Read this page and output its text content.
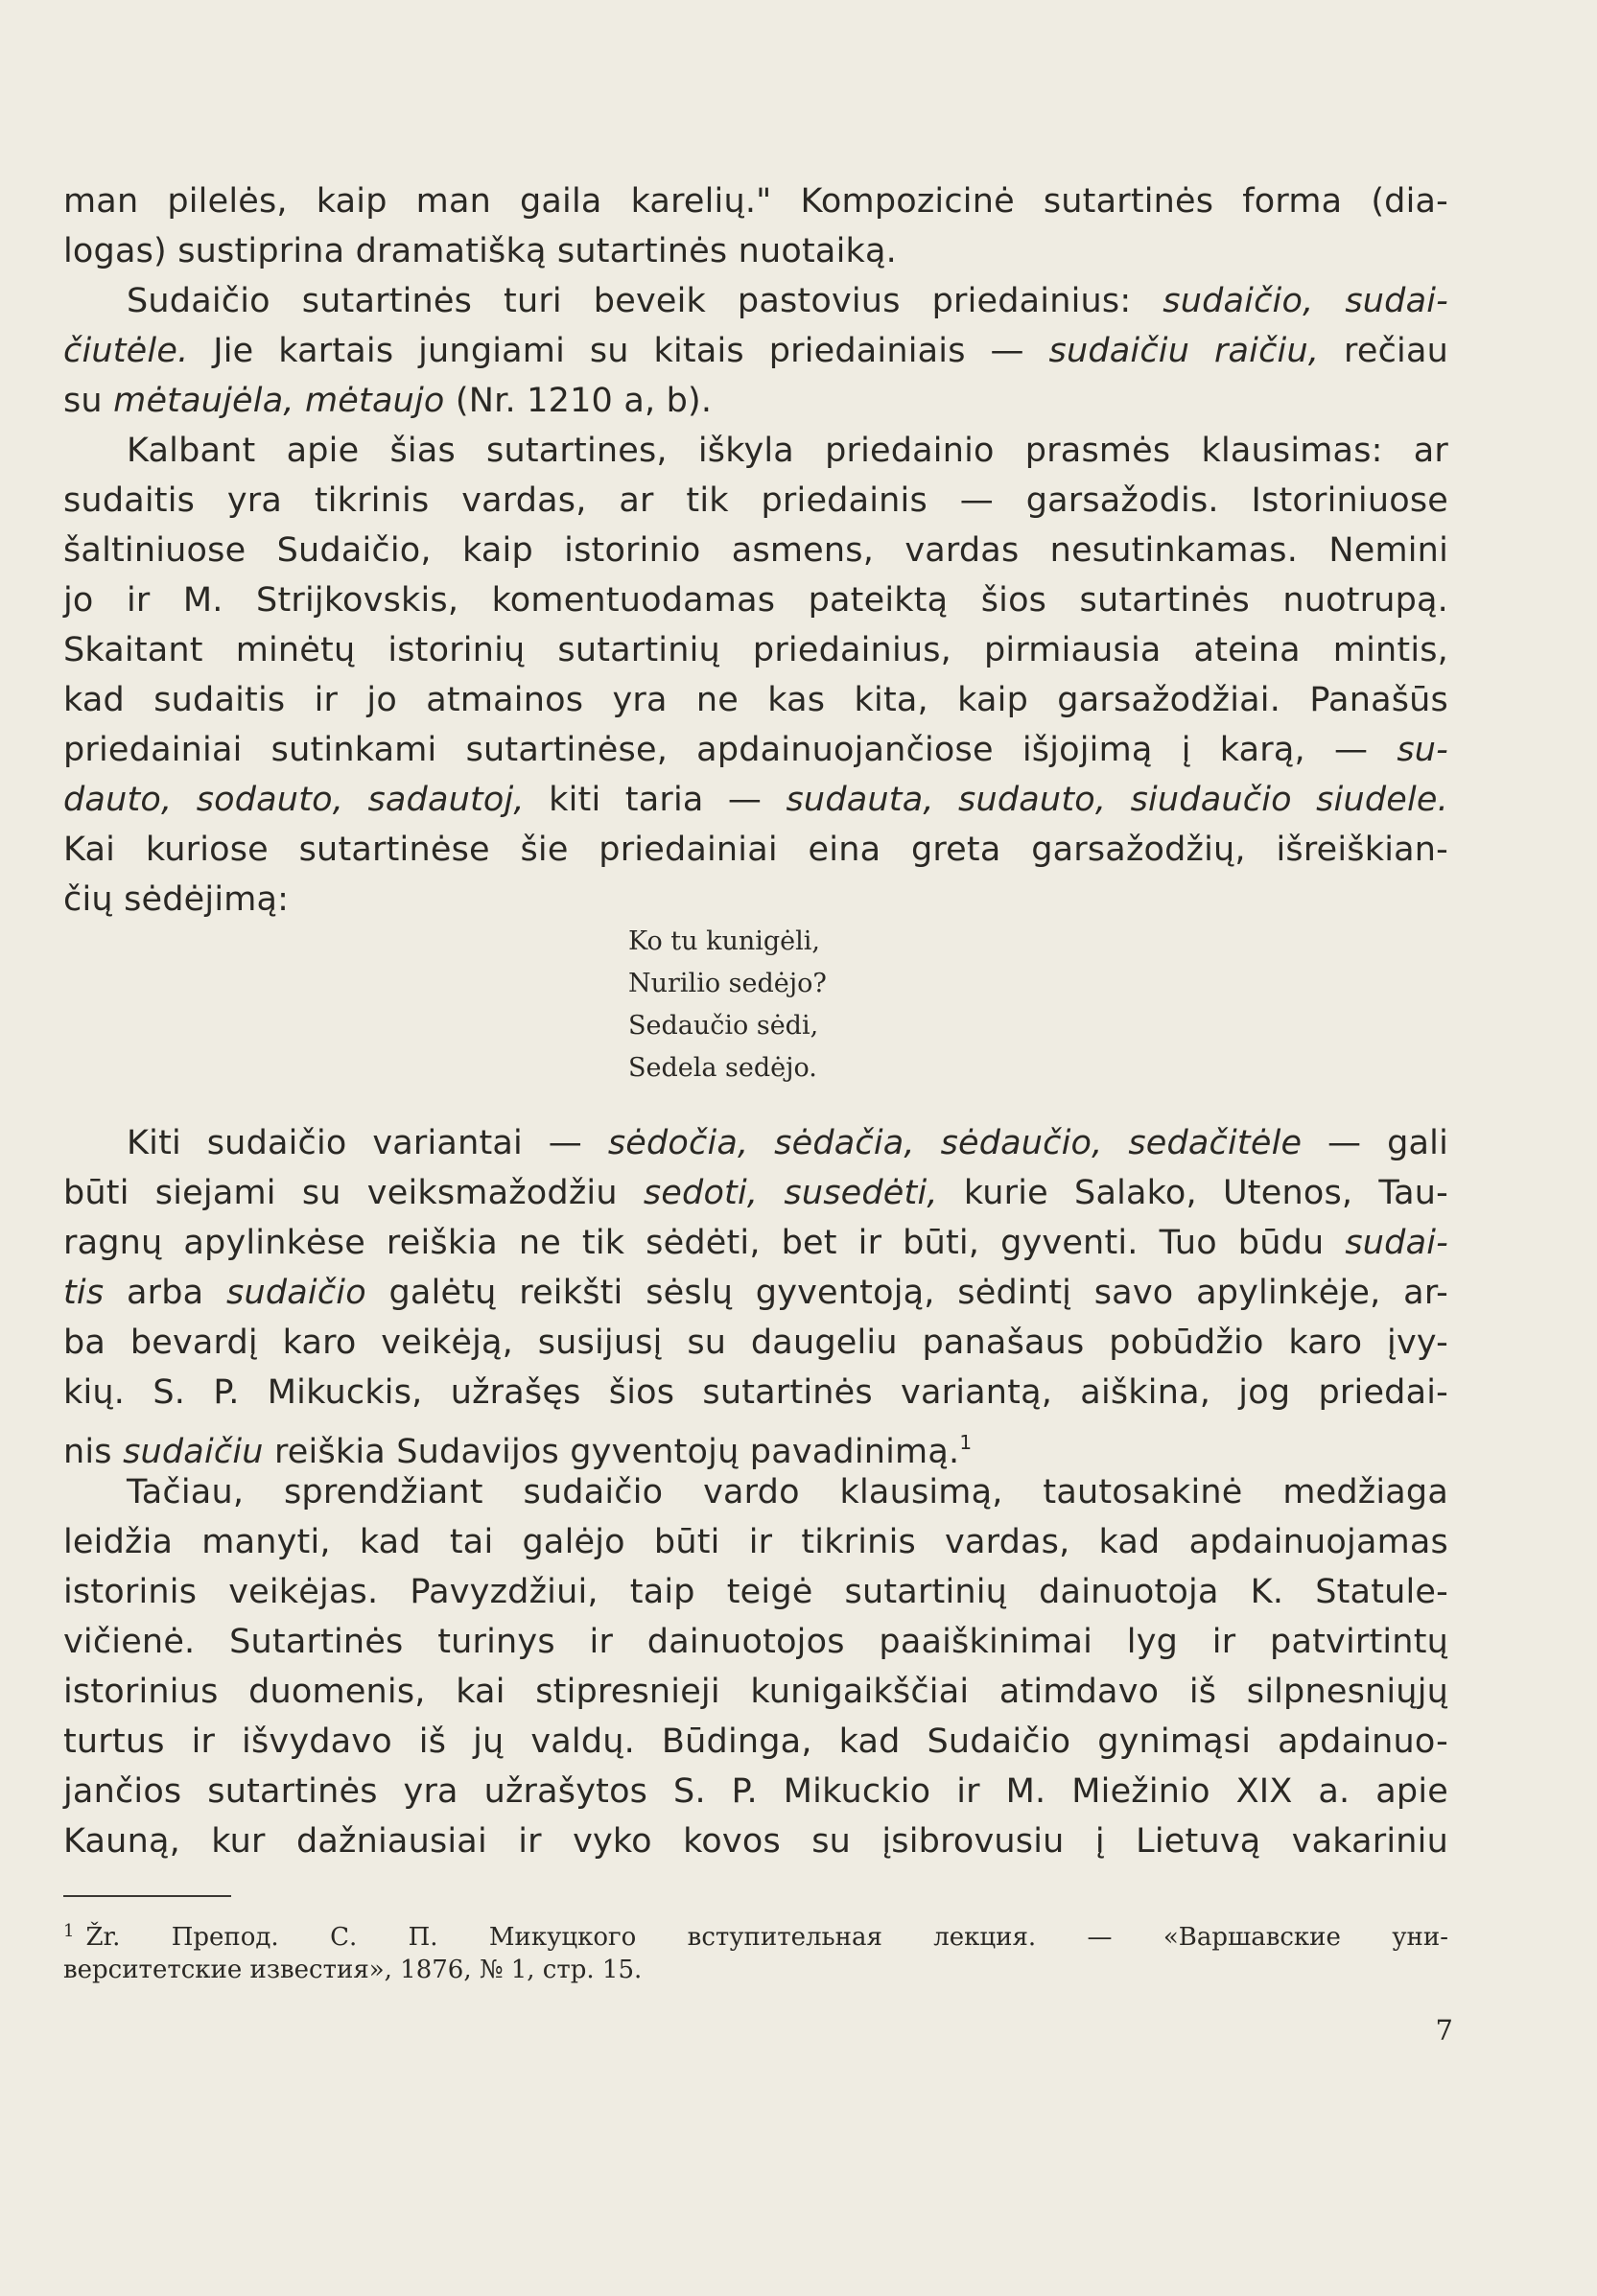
man pilelės, kaip man gaila karelių." Kompozicinė sutartinės forma (dia-
logas) sustiprina dramatišką sutartinės nuotaiką.
Sudaičio sutartinės turi beveik pastovius priedainius: sudaičio, sudai-
čiutėle. Jie kartais jungiami su kitais priedainiais — sudaičiu raičiu, rečiau
su mėtaujėla, mėtaujo (Nr. 1210 a, b).
Kalbant apie šias sutartines, iškyla priedainio prasmės klausimas: ar
sudaitis yra tikrinis vardas, ar tik priedainis — garsažodis. Istoriniuose
šaltiniuose Sudaičio, kaip istorinio asmens, vardas nesutinkamas. Nemini
jo ir M. Strijkovskis, komentuodamas pateiktą šios sutartinės nuotrupą.
Skaitant minėtų istorinių sutartinių priedainius, pirmiausia ateina mintis,
kad sudaitis ir jo atmainos yra ne kas kita, kaip garsažodžiai. Panašūs
priedainiai sutinkami sutartinėse, apdainuojančiose išjojimą į karą, — su-
dauto, sodauto, sadautoj, kiti taria — sudauta, sudauto, siudaučio siudele.
Kai kuriose sutartinėse šie priedainiai eina greta garsažodžių, išreiškian-
čių sėdėjimą:
Ko tu kunigėli,
Nurilio sedėjo?
Sedaučio sėdi,
Sedela sedėjo.
Kiti sudaičio variantai — sėdočia, sėdačia, sėdaučio, sedačitėle — gali
būti siejami su veiksmažodžiu sedoti, susedėti, kurie Salako, Utenos, Tau-
ragnų apylinkėse reiškia ne tik sėdėti, bet ir būti, gyventi. Tuo būdu sudai-
tis arba sudaičio galėtų reikšti sėslų gyventoją, sėdintį savo apylinkėje, ar-
ba bevardį karo veikėją, susijusį su daugeliu panašaus pobūdžio karo įvy-
kių. S. P. Mikuckis, užrašęs šios sutartinės variantą, aiškina, jog priedai-
nis sudaičiu reiškia Sudavijos gyventojų pavadinimą.$^1$
Tačiau, sprendžiant sudaičio vardo klausimą, tautosakinė medžiaga
leidžia manyti, kad tai galėjo būti ir tikrinis vardas, kad apdainuojamas
istorinis veikėjas. Pavyzdžiui, taip teigė sutartinių dainuotoja K. Statule-
vičienė. Sutartinės turinys ir dainuotojos paaiškinimai lyg ir patvirtintų
istorinius duomenis, kai stipresnieji kunigaikščiai atimdavo iš silpnesniųjų
turtus ir išvydavo iš jų valdų. Būdinga, kad Sudaičio gynimąsi apdainuo-
jančios sutartinės yra užrašytos S. P. Mikuckio ir M. Miežinio XIX a. apie
Kauną, kur dažniausiai ir vyko kovos su įsibrovusiu į Lietuvą vakariniu
$^1$ Žr. Препод. С. П. Микуцкого вступительная лекция. — «Варшавские уни-
верситетские известия», 1876, № 1, стр. 15.
7
